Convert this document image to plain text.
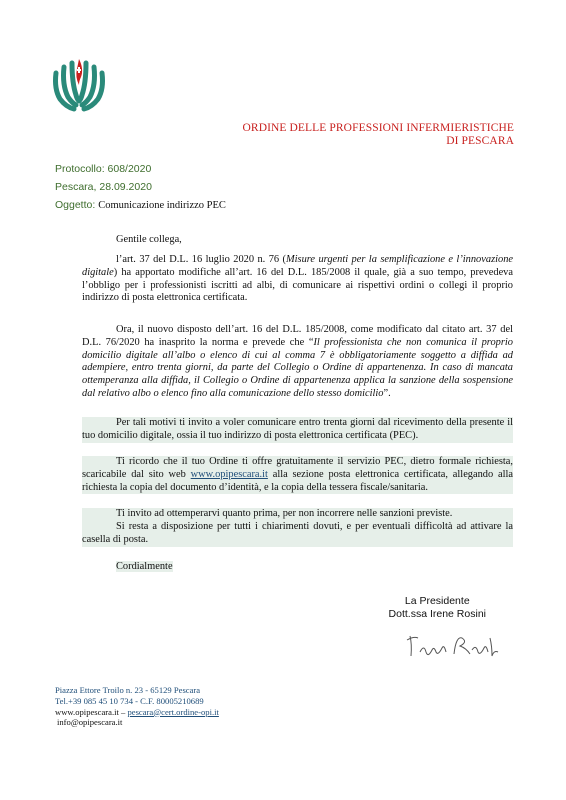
ORDINE DELLE PROFESSIONI INFERMIERISTICHE
DI PESCARA
Protocollo: 608/2020
Pescara, 28.09.2020
Oggetto: Comunicazione indirizzo PEC
Gentile collega,

l’art. 37 del D.L. 16 luglio 2020 n. 76 (Misure urgenti per la semplificazione e l’innovazione digitale) ha apportato modifiche all’art. 16 del D.L. 185/2008 il quale, già a suo tempo, prevedeva l’obbligo per i professionisti iscritti ad albi, di comunicare ai rispettivi ordini o collegi il proprio indirizzo di posta elettronica certificata.

Ora, il nuovo disposto dell’art. 16 del D.L. 185/2008, come modificato dal citato art. 37 del D.L. 76/2020 ha inasprito la norma e prevede che “Il professionista che non comunica il proprio domicilio digitale all’albo o elenco di cui al comma 7 è obbligatoriamente soggetto a diffida ad adempiere, entro trenta giorni, da parte del Collegio o Ordine di appartenenza. In caso di mancata ottemperanza alla diffida, il Collegio o Ordine di appartenenza applica la sanzione della sospensione dal relativo albo o elenco fino alla comunicazione dello stesso domicilio”.

Per tali motivi ti invito a voler comunicare entro trenta giorni dal ricevimento della presente il tuo domicilio digitale, ossia il tuo indirizzo di posta elettronica certificata (PEC).

Ti ricordo che il tuo Ordine ti offre gratuitamente il servizio PEC, dietro formale richiesta, scaricabile dal sito web www.opipescara.it alla sezione posta elettronica certificata, allegando alla richiesta la copia del documento d’identità, e la copia della tessera fiscale/sanitaria.

Ti invito ad ottemperarvi quanto prima, per non incorrere nelle sanzioni previste.

Si resta a disposizione per tutti i chiarimenti dovuti, e per eventuali difficoltà ad attivare la casella di posta.

Cordialmente
La Presidente
Dott.ssa Irene Rosini
Piazza Ettore Troilo n. 23 - 65129 Pescara
Tel.+39 085 45 10 734 - C.F. 80005210689
www.opipescara.it – pescara@cert.ordine-opi.it
info@opipescara.it
